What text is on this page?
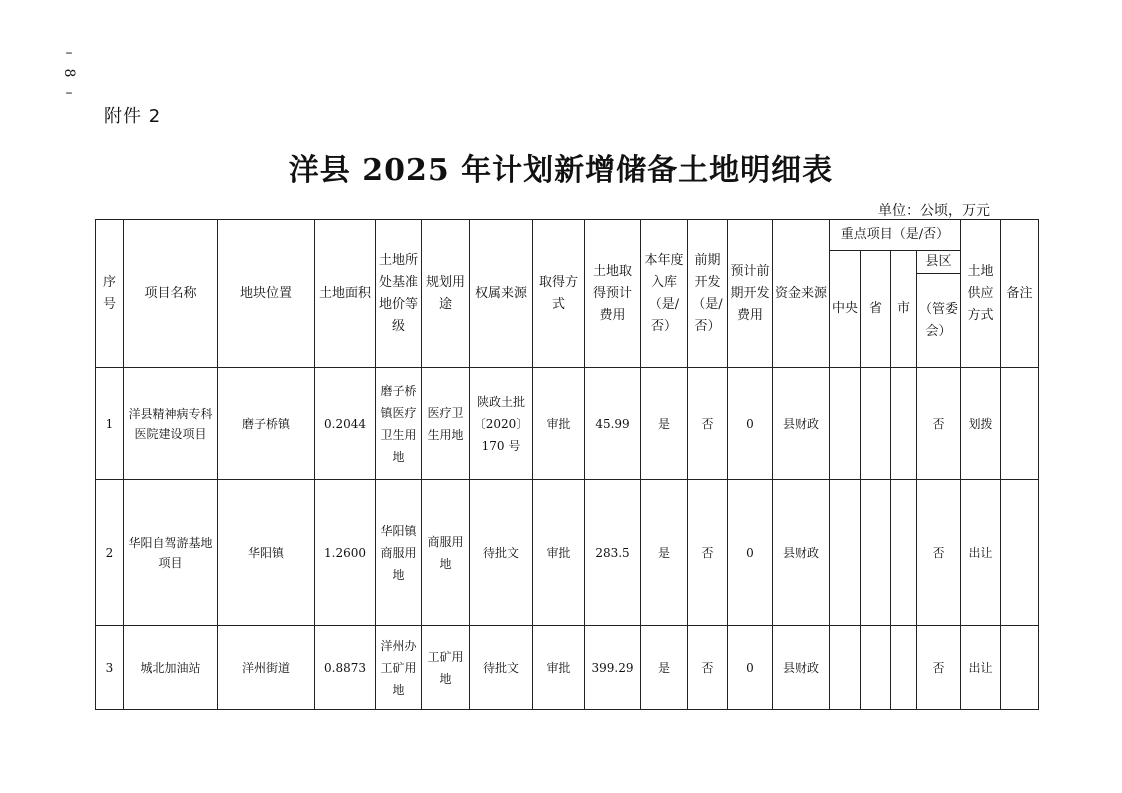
–
8
–
附件 2
洋县 2025 年计划新增储备土地明细表
单位：公顷，万元
序号	项目名称	地块位置	土地面积	土地所处基准地价等级	规划用途	权属来源	取得方式	土地取得预计费用	本年度入库（是/否）	前期开发（是/否）	预计前期开发费用	资金来源	重点项目（是/否）				土地供应方式	备注
													中央	省	市	县区		
																（管委会）		
1	洋县精神病专科医院建设项目	磨子桥镇	0.2044	磨子桥镇医疗卫生用地	医疗卫生用地	陕政土批〔2020〕170 号	审批	45.99	是	否	0	县财政				否	划拨	
2	华阳自驾游基地项目	华阳镇	1.2600	华阳镇商服用地	商服用地	待批文	审批	283.5	是	否	0	县财政				否	出让	
3	城北加油站	洋州街道	0.8873	洋州办工矿用地	工矿用地	待批文	审批	399.29	是	否	0	县财政				否	出让	
